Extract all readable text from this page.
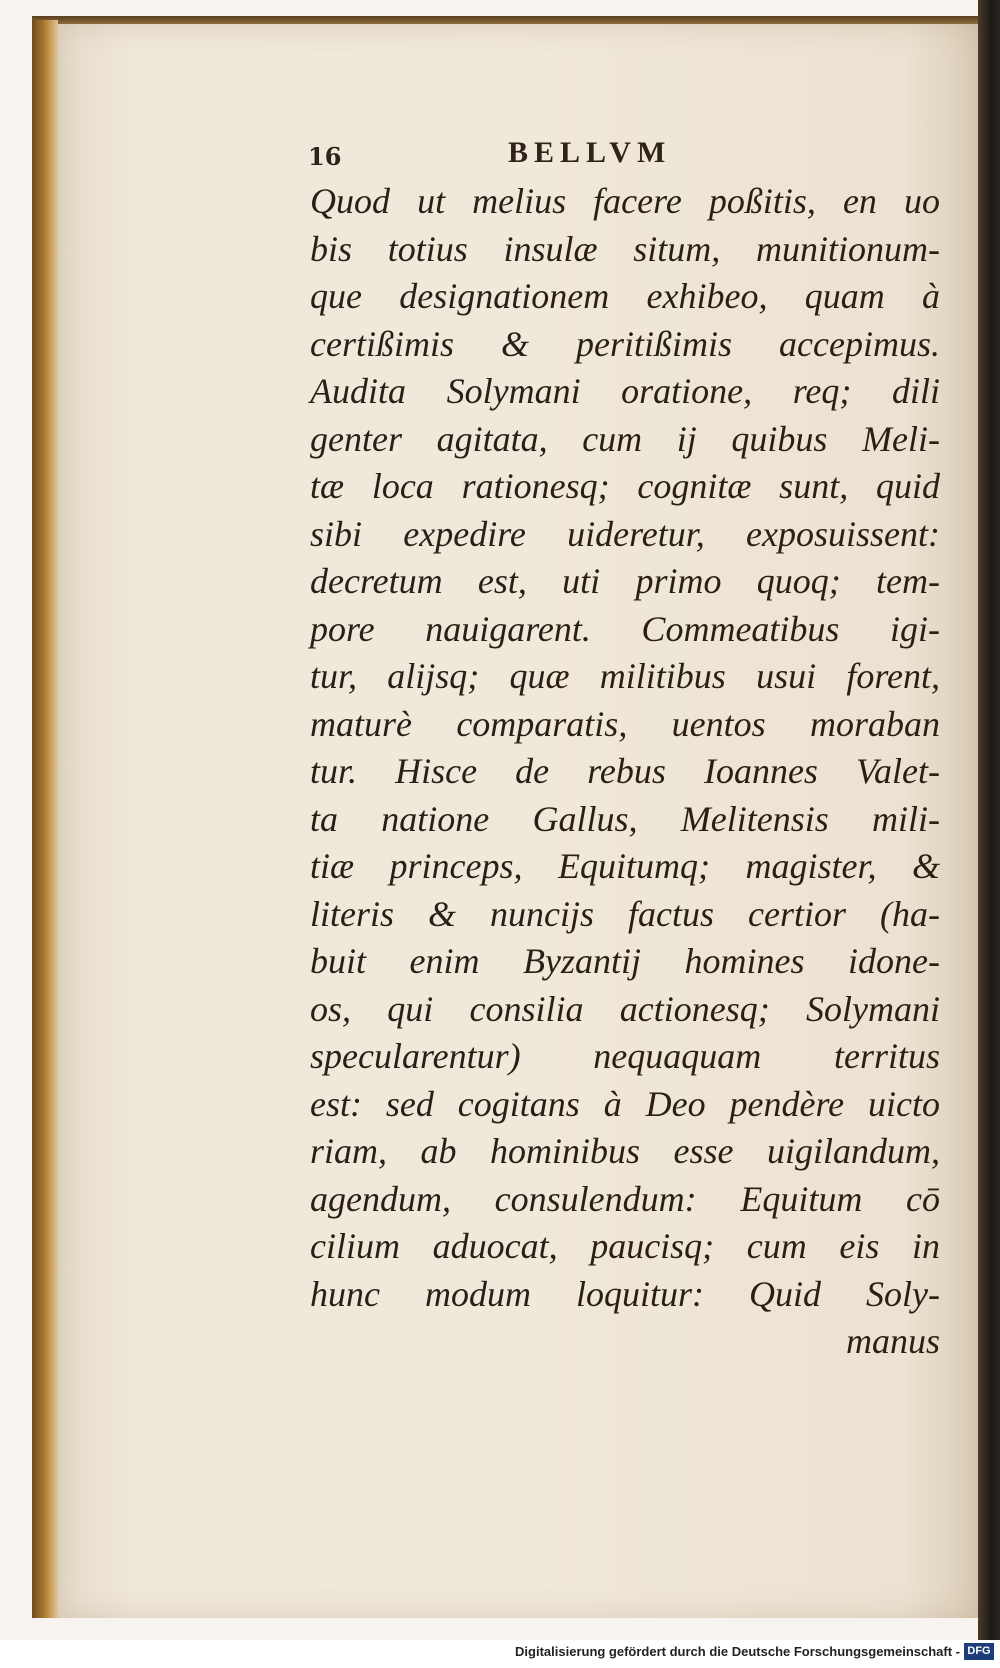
16	BELLVM
Quod ut melius facere poßitis, en uo
bis totius insulæ situm, munitionum-
que designationem exhibeo, quam à
certißimis & peritißimis accepimus.
Audita Solymani oratione, req; dili
genter agitata, cum ij quibus Meli-
tæ loca rationesq; cognitæ sunt, quid
sibi expedire uideretur, exposuissent:
decretum est, uti primo quoq; tem-
pore nauigarent. Commeatibus igi-
tur, alijsq; quæ militibus usui forent,
maturè comparatis, uentos moraban
tur. Hisce de rebus Ioannes Valet-
ta natione Gallus, Melitensis mili-
tiæ princeps, Equitumq; magister, &
literis & nuncijs factus certior (ha-
buit enim Byzantij homines idone-
os, qui consilia actionesq; Solymani
specularentur) nequaquam territus
est: sed cogitans à Deo pendère uicto
riam, ab hominibus esse uigilandum,
agendum, consulendum: Equitum cō
cilium aduocat, paucisq; cum eis in
hunc modum loquitur: Quid Soly-
manus
Digitalisierung gefördert durch die Deutsche Forschungsgemeinschaft - DFG
